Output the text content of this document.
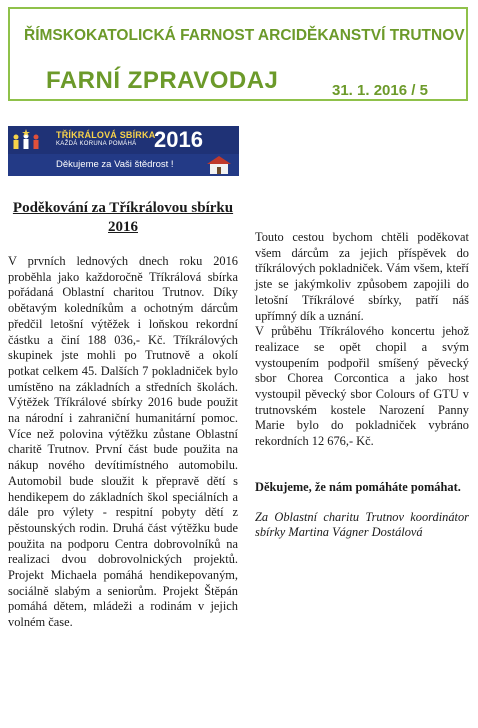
ŘÍMSKOKATOLICKÁ FARNOST ARCIDĚKANSTVÍ TRUTNOV
FARNÍ ZPRAVODAJ	31. 1. 2016 / 5
TŘÍKRÁLOVÁ SBÍRKA
KAŽDÁ KORUNA POMÁHÁ 2016
Děkujeme za Vaši štědrost !
Poděkování za Tříkrálovou sbírku 2016

V prvních lednových dnech roku 2016 proběhla jako každoročně Tříkrálová sbírka pořádaná Oblastní charitou Trutnov. Díky obětavým koledníkům a ochotným dárcům předčil letošní výtěžek i loňskou rekordní částku a činí 188 036,- Kč. Tříkrálových skupinek jste mohli po Trutnově a okolí potkat celkem 45. Dalších 7 pokladniček bylo umístěno na základních a středních školách. Výtěžek Tříkrálové sbírky 2016 bude použit na národní i zahraniční humanitární pomoc. Více než polovina výtěžku zůstane Oblastní charitě Trutnov. První část bude použita na nákup nového devítimístného automobilu. Automobil bude sloužit k přepravě dětí s hendikepem do základních škol speciálních a dále pro výlety - respitní pobyty dětí z pěstounských rodin. Druhá část výtěžku bude použita na podporu Centra dobrovolníků na realizaci dvou dobrovolnických projektů. Projekt Michaela pomáhá hendikepovaným, sociálně slabým a seniorům. Projekt Štěpán pomáhá dětem, mládeži a rodinám v jejich volném čase.

Touto cestou bychom chtěli poděkovat všem dárcům za jejich příspěvek do tříkrálových pokladniček. Vám všem, kteří jste se jakýmkoliv způsobem zapojili do letošní Tříkrálové sbírky, patří náš upřímný dík a uznání.

V průběhu Tříkrálového koncertu jehož realizace se opět chopil a svým vystoupením podpořil smíšený pěvecký sbor Chorea Corcontica a jako host vystoupil pěvecký sbor Colours of GTU v trutnovském kostele Narození Panny Marie bylo do pokladniček vybráno rekordních 12 676,- Kč.

Děkujeme, že nám pomáháte pomáhat.

Za Oblastní charitu Trutnov koordinátor sbírky Martina Vágner Dostálová
